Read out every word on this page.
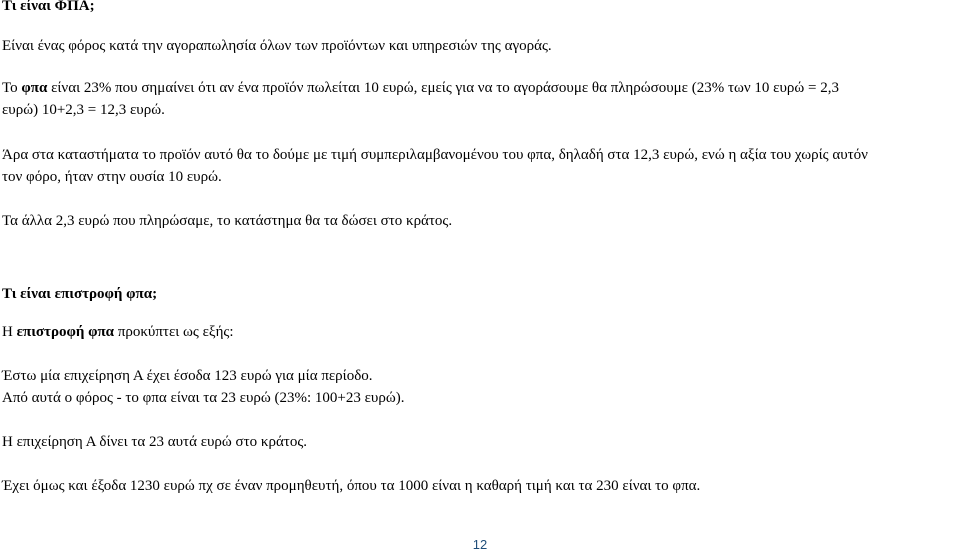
Τι είναι ΦΠΑ;
Είναι ένας φόρος κατά την αγοραπωλησία όλων των προϊόντων και υπηρεσιών της αγοράς.
Το φπα είναι 23% που σημαίνει ότι αν ένα προϊόν πωλείται 10 ευρώ, εμείς για να το αγοράσουμε θα πληρώσουμε (23% των 10 ευρώ = 2,3
ευρώ) 10+2,3 = 12,3 ευρώ.
Άρα στα καταστήματα το προϊόν αυτό θα το δούμε με τιμή συμπεριλαμβανομένου του φπα, δηλαδή στα 12,3 ευρώ, ενώ η αξία του χωρίς αυτόν
τον φόρο, ήταν στην ουσία 10 ευρώ.
Τα άλλα 2,3 ευρώ που πληρώσαμε, το κατάστημα θα τα δώσει στο κράτος.
Τι είναι επιστροφή φπα;
Η επιστροφή φπα προκύπτει ως εξής:
Έστω μία επιχείρηση Α έχει έσοδα 123 ευρώ για μία περίοδο.
Από αυτά ο φόρος - το φπα είναι τα 23 ευρώ (23%: 100+23 ευρώ).
Η επιχείρηση Α δίνει τα 23 αυτά ευρώ στο κράτος.
Έχει όμως και έξοδα 1230 ευρώ πχ σε έναν προμηθευτή, όπου τα 1000 είναι η καθαρή τιμή και τα 230 είναι το φπα.
12
